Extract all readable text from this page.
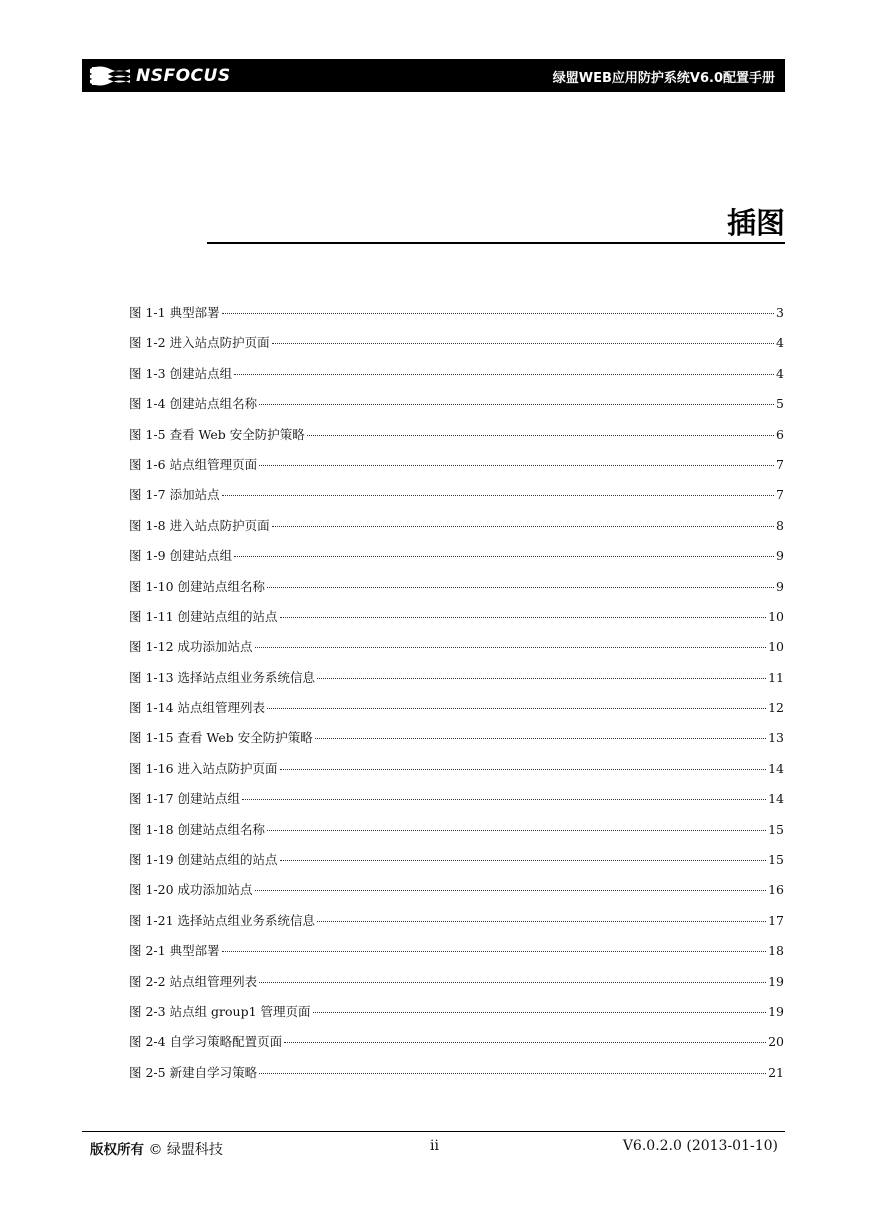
NSFOCUS	绿盟WEB应用防护系统V6.0配置手册
插图
图 1-1 典型部署	3
图 1-2 进入站点防护页面	4
图 1-3 创建站点组	4
图 1-4 创建站点组名称	5
图 1-5 查看 Web 安全防护策略	6
图 1-6 站点组管理页面	7
图 1-7 添加站点	7
图 1-8 进入站点防护页面	8
图 1-9 创建站点组	9
图 1-10 创建站点组名称	9
图 1-11 创建站点组的站点	10
图 1-12 成功添加站点	10
图 1-13 选择站点组业务系统信息	11
图 1-14 站点组管理列表	12
图 1-15 查看 Web 安全防护策略	13
图 1-16 进入站点防护页面	14
图 1-17 创建站点组	14
图 1-18 创建站点组名称	15
图 1-19 创建站点组的站点	15
图 1-20 成功添加站点	16
图 1-21 选择站点组业务系统信息	17
图 2-1 典型部署	18
图 2-2 站点组管理列表	19
图 2-3 站点组 group1 管理页面	19
图 2-4 自学习策略配置页面	20
图 2-5 新建自学习策略	21
版权所有 © 绿盟科技	ii	V6.0.2.0 (2013-01-10)
